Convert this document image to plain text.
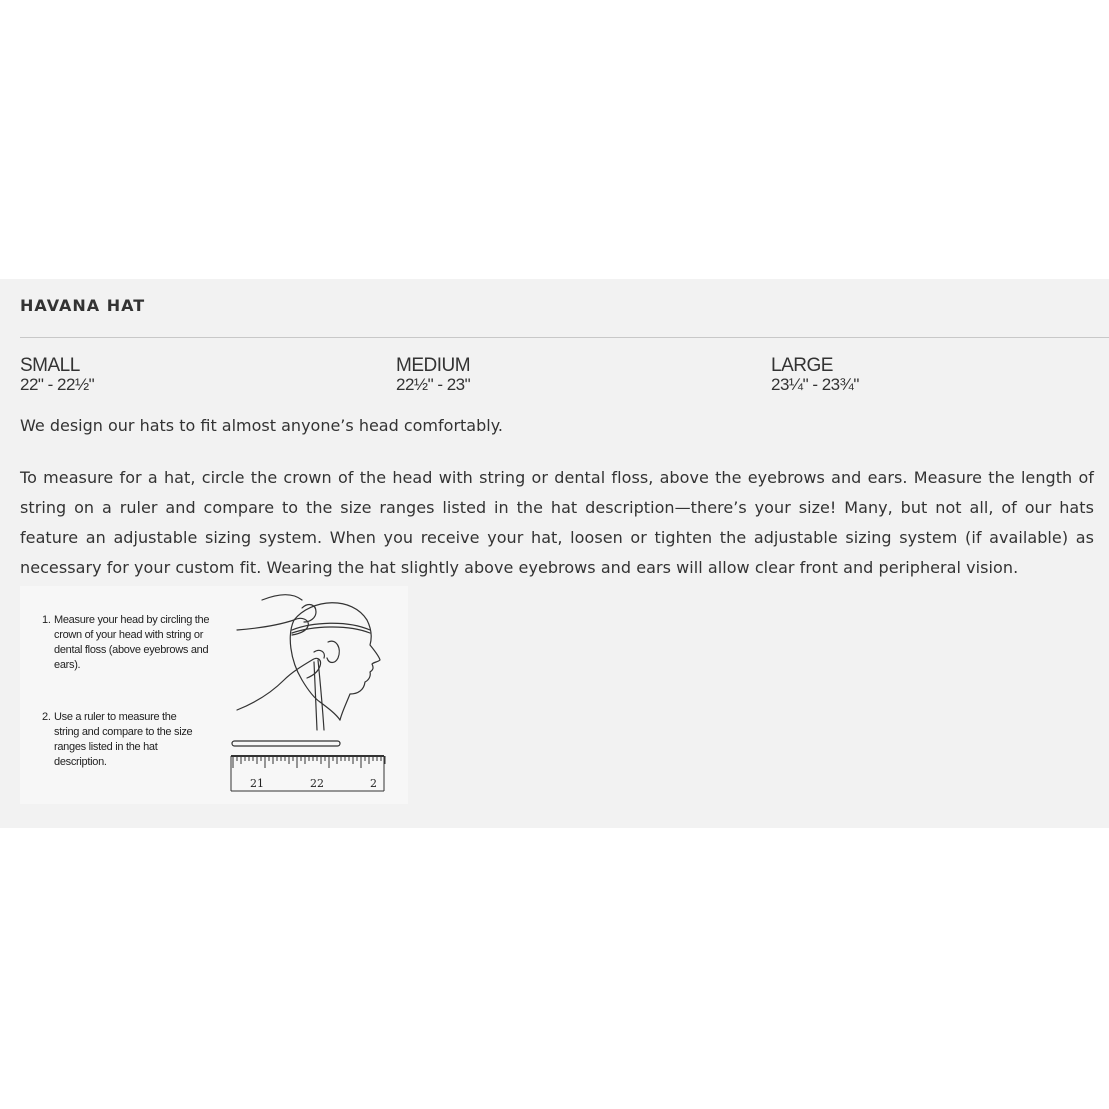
HAVANA HAT
SMALL
22" - 22½"
MEDIUM
22½" - 23"
LARGE
23¼" - 23¾"
We design our hats to fit almost anyone’s head comfortably.
To measure for a hat, circle the crown of the head with string or dental floss, above the eyebrows and ears. Measure the length of string on a ruler and compare to the size ranges listed in the hat description—there’s your size! Many, but not all, of our hats feature an adjustable sizing system. When you receive your hat, loosen or tighten the adjustable sizing system (if available) as necessary for your custom fit. Wearing the hat slightly above eyebrows and ears will allow clear front and peripheral vision.
1. Measure your head by circling the crown of your head with string or dental floss (above eyebrows and ears).
2. Use a ruler to measure the string and compare to the size ranges listed in the hat description.
21	22	2
